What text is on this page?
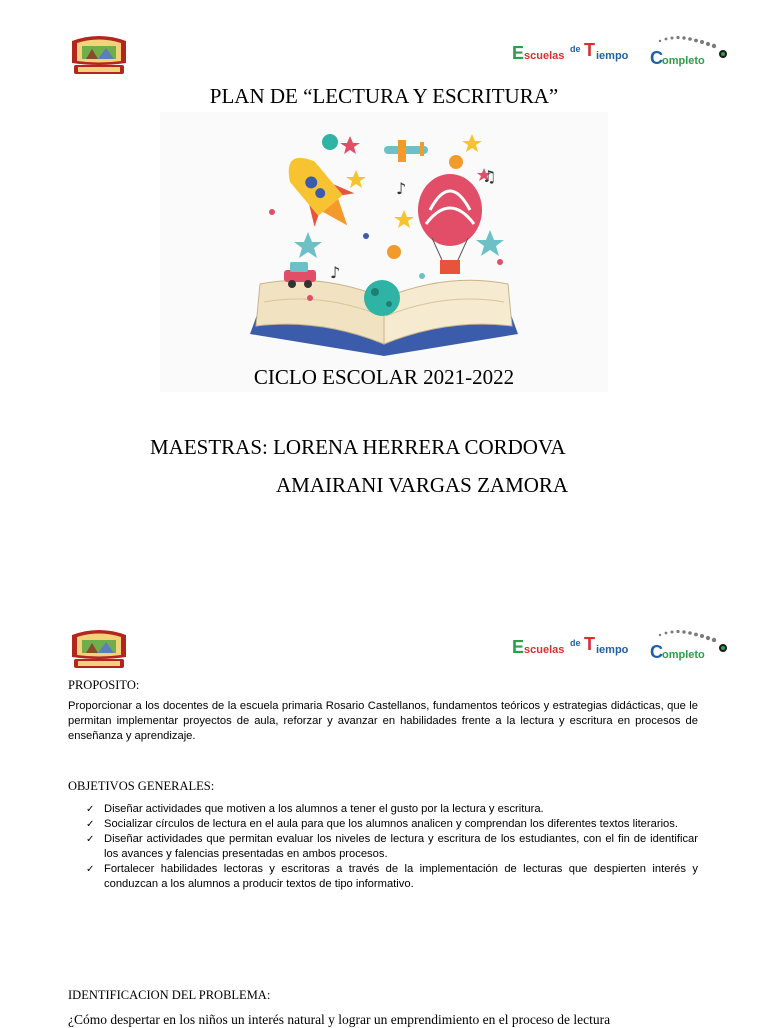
E scuelas
de T iempo C ompleto
PLAN DE “LECTURA Y ESCRITURA”
♪
♫
♪
CICLO ESCOLAR 2021-2022
MAESTRAS: LORENA HERRERA CORDOVA
AMAIRANI VARGAS ZAMORA
E scuelas
de T iempo C ompleto
PROPOSITO:
Proporcionar a los docentes de la escuela primaria Rosario Castellanos, fundamentos teóricos y estrategias didácticas, que le permitan implementar proyectos de aula, reforzar y avanzar en habilidades frente a la lectura y escritura en procesos de enseñanza y aprendizaje.
OBJETIVOS GENERALES:
✓ Diseñar actividades que motiven a los alumnos a tener el gusto por la lectura y escritura.
✓ Socializar círculos de lectura en el aula para que los alumnos analicen y comprendan los diferentes textos literarios.
✓ Diseñar actividades que permitan evaluar los niveles de lectura y escritura de los estudiantes, con el fin de identificar los avances y falencias presentadas en ambos procesos.
✓ Fortalecer habilidades lectoras y escritoras a través de la implementación de lecturas que despierten interés y conduzcan a los alumnos a producir textos de tipo informativo.
IDENTIFICACION DEL PROBLEMA:
¿Cómo despertar en los niños un interés natural y lograr un emprendimiento en el proceso de lectura
